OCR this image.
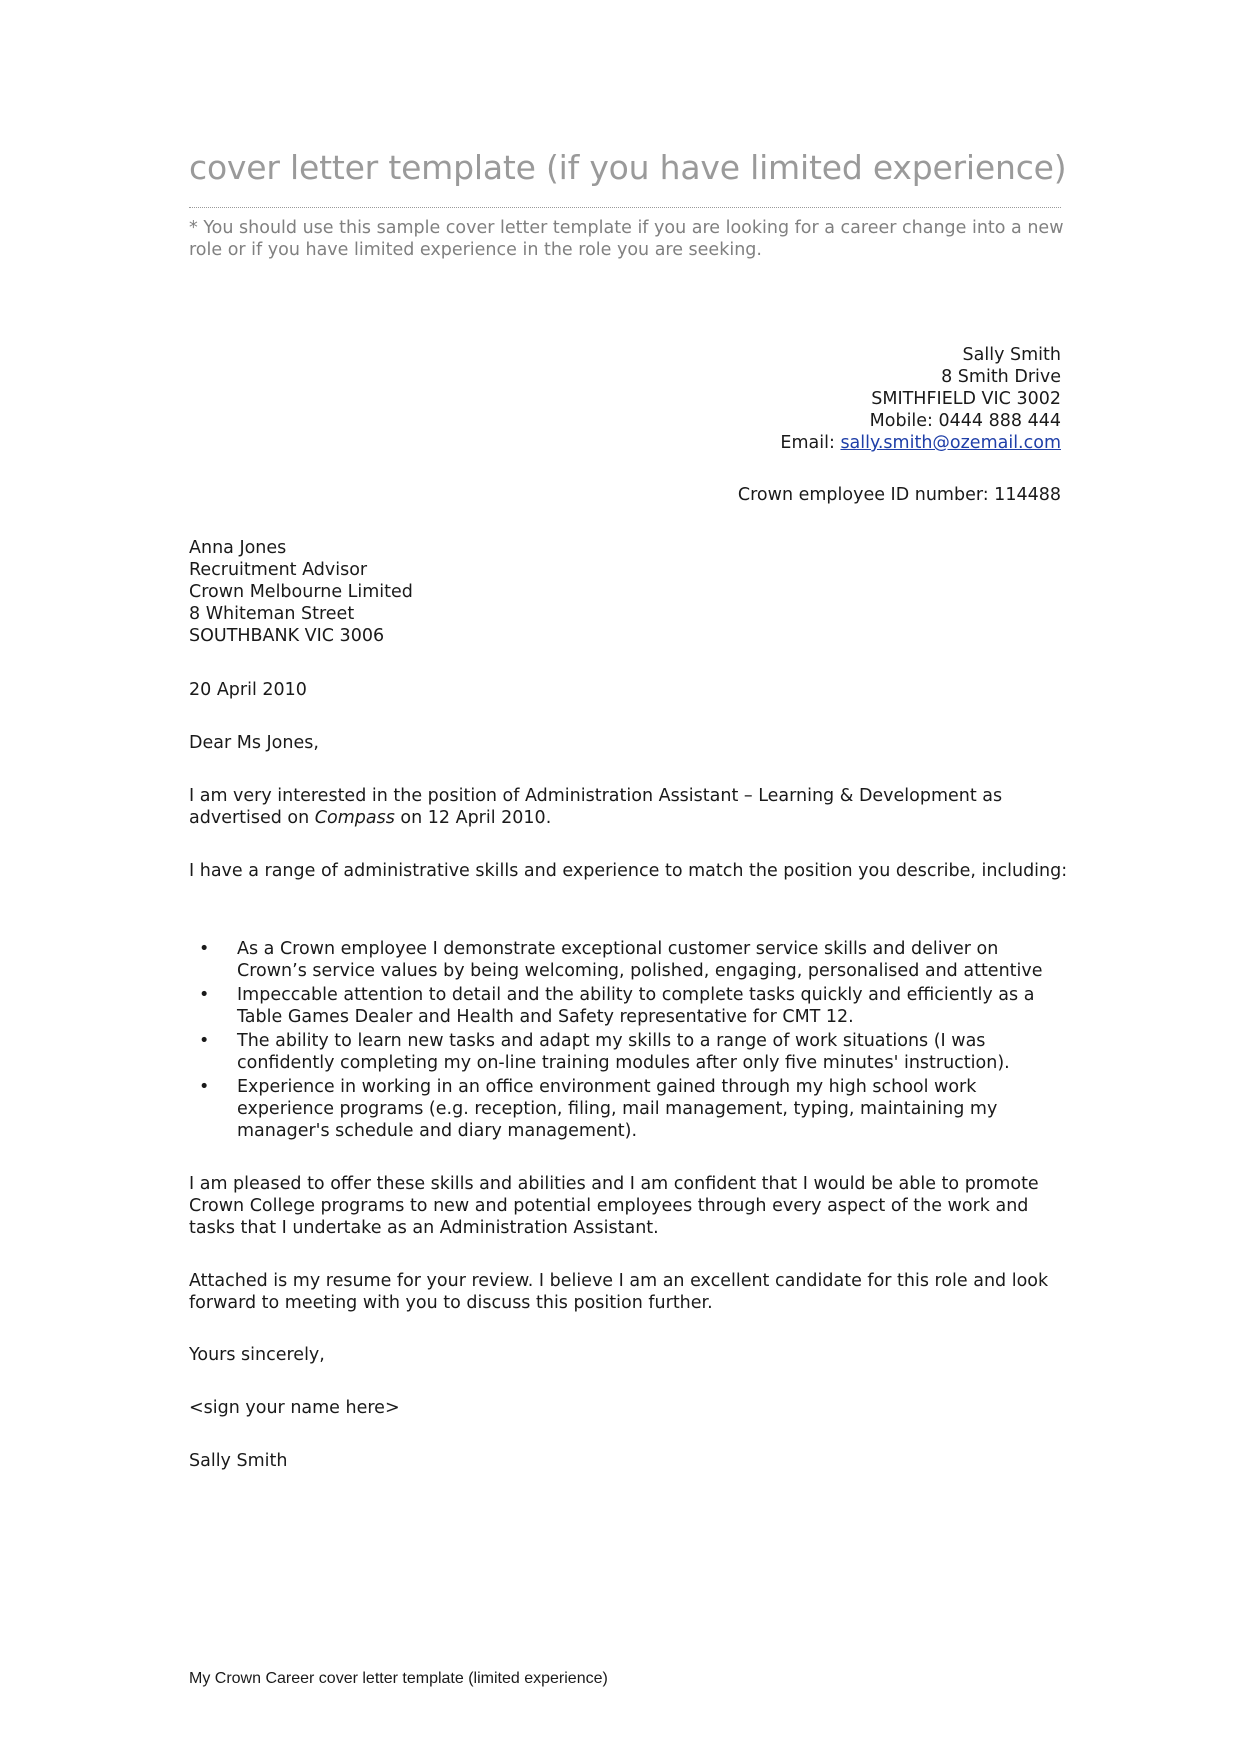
cover letter template (if you have limited experience)
* You should use this sample cover letter template if you are looking for a career change into a new role or if you have limited experience in the role you are seeking.
Sally Smith
8 Smith Drive
SMITHFIELD VIC 3002
Mobile: 0444 888 444
Email: sally.smith@ozemail.com
Crown employee ID number: 114488
Anna Jones
Recruitment Advisor
Crown Melbourne Limited
8 Whiteman Street
SOUTHBANK VIC 3006
20 April 2010
Dear Ms Jones,
I am very interested in the position of Administration Assistant – Learning & Development as advertised on Compass on 12 April 2010.
I have a range of administrative skills and experience to match the position you describe, including:
• As a Crown employee I demonstrate exceptional customer service skills and deliver on Crown’s service values by being welcoming, polished, engaging, personalised and attentive
• Impeccable attention to detail and the ability to complete tasks quickly and efficiently as a Table Games Dealer and Health and Safety representative for CMT 12.
• The ability to learn new tasks and adapt my skills to a range of work situations (I was confidently completing my on-line training modules after only five minutes' instruction).
• Experience in working in an office environment gained through my high school work experience programs (e.g. reception, filing, mail management, typing, maintaining my manager's schedule and diary management).
I am pleased to offer these skills and abilities and I am confident that I would be able to promote Crown College programs to new and potential employees through every aspect of the work and tasks that I undertake as an Administration Assistant.
Attached is my resume for your review. I believe I am an excellent candidate for this role and look forward to meeting with you to discuss this position further.
Yours sincerely,
<sign your name here>
Sally Smith
My Crown Career cover letter template (limited experience)
